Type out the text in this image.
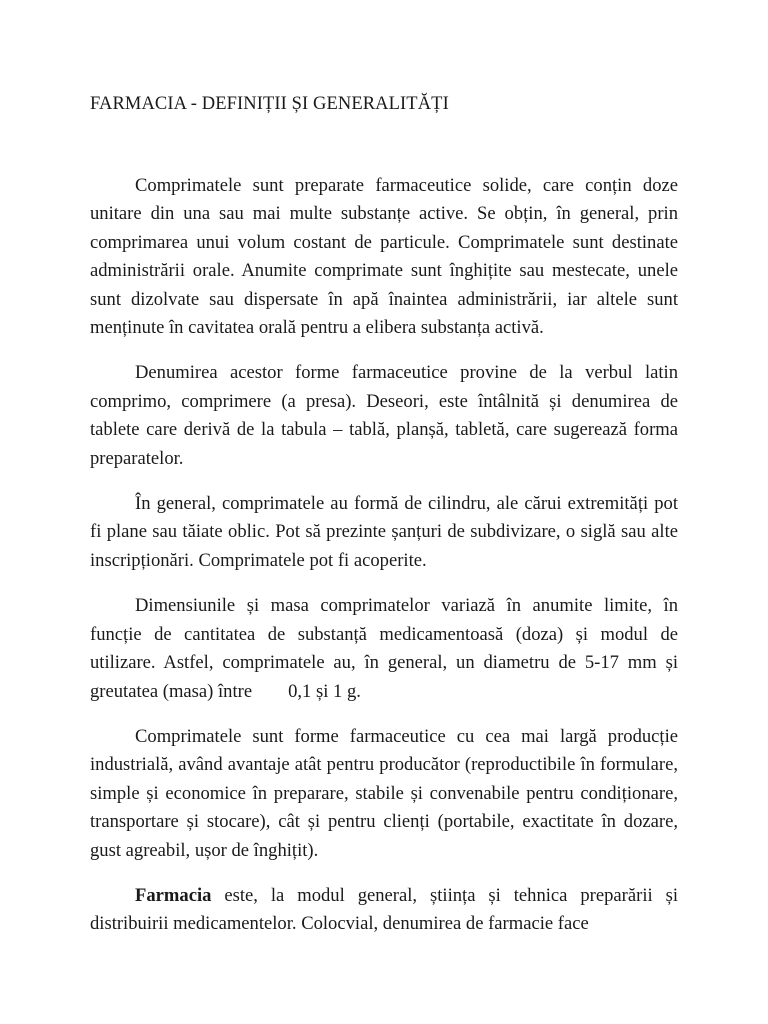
FARMACIA - DEFINIȚII ȘI GENERALITĂȚI

Comprimatele sunt preparate farmaceutice solide, care conțin doze unitare din una sau mai multe substanțe active. Se obțin, în general, prin comprimarea unui volum costant de particule. Comprimatele sunt destinate administrării orale. Anumite comprimate sunt înghițite sau mestecate, unele sunt dizolvate sau dispersate în apă înaintea administrării, iar altele sunt menținute în cavitatea orală pentru a elibera substanța activă.

Denumirea acestor forme farmaceutice provine de la verbul latin comprimo, comprimere (a presa). Deseori, este întâlnită și denumirea de tablete care derivă de la tabula – tablă, planșă, tabletă, care sugerează forma preparatelor.

În general, comprimatele au formă de cilindru, ale cărui extremități pot fi plane sau tăiate oblic. Pot să prezinte șanțuri de subdivizare, o siglă sau alte inscripționări. Comprimatele pot fi acoperite.

Dimensiunile și masa comprimatelor variază în anumite limite, în funcție de cantitatea de substanță medicamentoasă (doza) și modul de utilizare. Astfel, comprimatele au, în general, un diametru de 5-17 mm și greutatea (masa) între 0,1 și 1 g.

Comprimatele sunt forme farmaceutice cu cea mai largă producție industrială, având avantaje atât pentru producător (reproductibile în formulare, simple și economice în preparare, stabile și convenabile pentru condiționare, transportare și stocare), cât și pentru clienți (portabile, exactitate în dozare, gust agreabil, ușor de înghițit).

Farmacia este, la modul general, știința și tehnica preparării și distribuirii medicamentelor. Colocvial, denumirea de farmacie face
